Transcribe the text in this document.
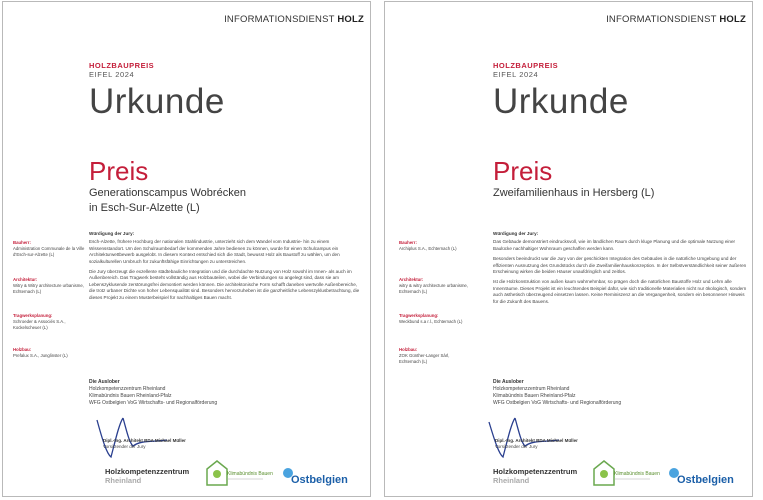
INFORMATIONSDIENST HOLZ
HOLZBAUPREIS
EIFEL 2024
Urkunde
Preis
Generationscampus Wobrécken
in Esch-Sur-Alzette (L)
Bauherr:
Administration Communale de la Ville d’Esch-sur-Alzette (L)
Architektur:
Witry & Witry architecture urbanisme, Echternach (L)
Tragwerksplanung:
Schroeder & Associés S.A., Kockelscheuer (L)
Holzbau:
Prefalux S.A., Junglinster (L)
Würdigung der Jury:

Esch-Alzette, frühere Hochburg der nationalen Stahlindustrie, unterzieht sich dem Wandel vom Industrie- hin zu einem Wissensstandort. Um den Schulraumbedarf der kommenden Jahre bedienen zu können, wurde für einen Schulcampus ein Architekturwettbewerb ausgelobt. In diesem Kontext entschied sich die Stadt, bewusst Holz als Baustoff zu wählen, um den sozialkulturellen Umbruch für zukunftsfähige Einrichtungen zu unterstreichen.

Die Jury überzeugt die exzellente städtebauliche Integration und die durchdachte Nutzung von Holz sowohl im Innen- als auch im Außenbereich. Das Tragwerk besteht vollständig aus Holzbauteilen, wobei die Verbindungen so angelegt sind, dass sie am Lebenszyklusende zerstörungsfrei demontiert werden können. Die architektonische Form schafft daneben wertvolle Außenbereiche, die trotz urbaner Dichte von hoher Lebensqualität sind. Besonders hervorzuheben ist die ganzheitliche Lebenszyklusbetrachtung, die dieses Projekt zu einem Musterbeispiel für nachhaltiges Bauen macht.

Die Auslober
Holzkompetenzzentrum Rheinland
Klimabündnis Bauen Rheinland-Pfalz
WFG Ostbelgien VoG Wirtschafts- und Regionalförderung
Dipl.-Ing. Architekt BDA Michael Müller
Vorsitzender der Jury
Holzkompetenzzentrum
Rheinland
Klimabündnis Bauen Ostbelgien
INFORMATIONSDIENST HOLZ
HOLZBAUPREIS
EIFEL 2024
Urkunde
Preis
Zweifamilienhaus in Hersberg (L)
Bauherr:
Archiplus S.A., Echternach (L)
Architektur:
witry & witry architecture urbanisme, Echternach (L)
Tragwerksplanung:
Weckbund s.a r.l., Echternach (L)
Holzbau:
ZOK Günther-Langer Sàrl, Echternach (L)
Würdigung der Jury:

Das Gebäude demonstriert eindrucksvoll, wie im ländlichen Raum durch kluge Planung und die optimale Nutzung einer Baulücke nachhaltiger Wohnraum geschaffen werden kann.

Besonders beeindruckt war die Jury von der geschickten Integration des Gebäudes in die natürliche Umgebung und der effizienten Ausnutzung des Grundstücks durch die Zweifamilienhauskonzeption. In der Selbstverständlichkeit seiner äußeren Erscheinung wirken die beiden Häuser unaufdringlich und zeitlos.

Ist die Holzkonstruktion von außen kaum wahrnehmbar, so prägen doch die natürlichen Baustoffe Holz und Lehm alle Innenräume. Dieses Projekt ist ein leuchtendes Beispiel dafür, wie sich traditionelle Materialien nicht nur ökologisch, sondern auch ästhetisch überzeugend einsetzen lassen. Keine Reminiszenz an die Vergangenheit, sondern ein besonnener Hinweis für die Zukunft des Bauens.

Die Auslober
Holzkompetenzzentrum Rheinland
Klimabündnis Bauen Rheinland-Pfalz
WFG Ostbelgien VoG Wirtschafts- und Regionalförderung
Dipl.-Ing. Architekt BDA Michael Müller
Vorsitzender der Jury
Holzkompetenzzentrum
Rheinland
Klimabündnis Bauen Ostbelgien
